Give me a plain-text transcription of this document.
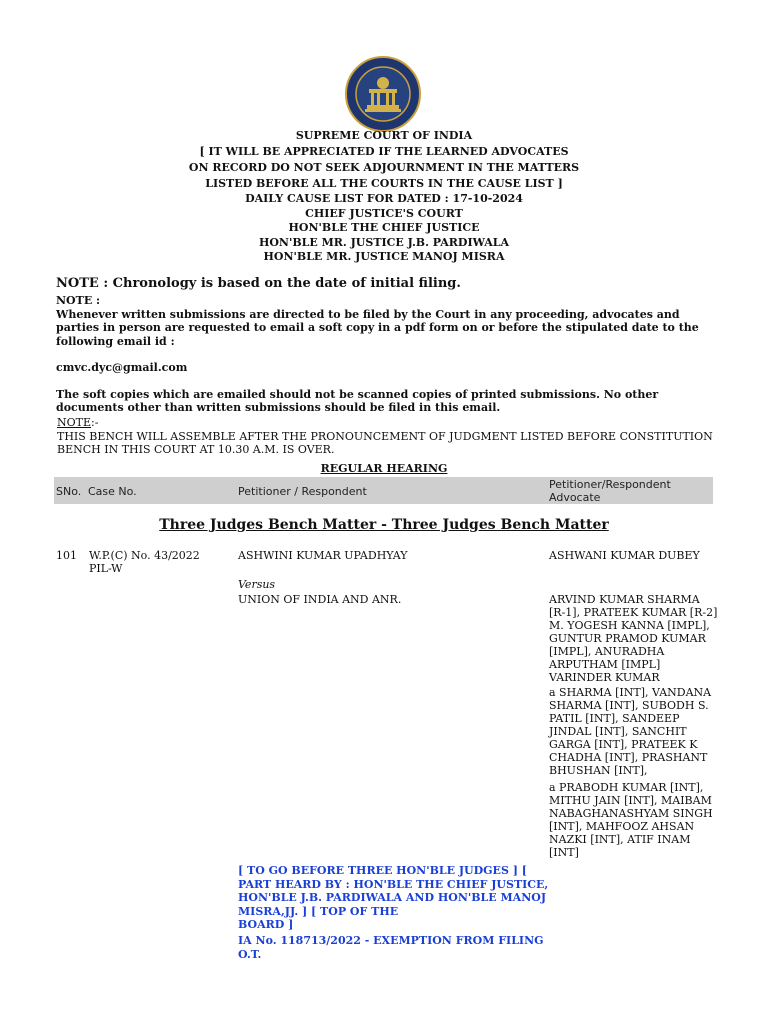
SUPREME COURT OF INDIA
[ IT WILL BE APPRECIATED IF THE LEARNED ADVOCATES
ON RECORD DO NOT SEEK ADJOURNMENT IN THE MATTERS
LISTED BEFORE ALL THE COURTS IN THE CAUSE LIST ]
DAILY CAUSE LIST FOR DATED : 17-10-2024
CHIEF JUSTICE'S COURT
HON'BLE THE CHIEF JUSTICE
HON'BLE MR. JUSTICE J.B. PARDIWALA
HON'BLE MR. JUSTICE MANOJ MISRA
NOTE : Chronology is based on the date of initial filing.

NOTE :

Whenever written submissions are directed to be filed by the Court in any proceeding, advocates and parties in person are requested to email a soft copy in a pdf form on or before the stipulated date to the following email id :

cmvc.dyc@gmail.com

The soft copies which are emailed should not be scanned copies of printed submissions. No other documents other than written submissions should be filed in this email.

NOTE:-
THIS BENCH WILL ASSEMBLE AFTER THE PRONOUNCEMENT OF JUDGMENT LISTED BEFORE CONSTITUTION BENCH IN THIS COURT AT 10.30 A.M. IS OVER.
REGULAR HEARING
SNo. Case No.	Petitioner / Respondent
Petitioner/Respondent
Advocate
Three Judges Bench Matter - Three Judges Bench Matter
101 W.P.(C) No. 43/2022
PIL-W
ASHWINI KUMAR UPADHYAY
Versus
UNION OF INDIA AND ANR.
ASHWANI KUMAR DUBEY
ARVIND KUMAR SHARMA
[R-1], PRATEEK KUMAR [R-2]
M. YOGESH KANNA [IMPL],
GUNTUR PRAMOD KUMAR
[IMPL], ANURADHA
ARPUTHAM [IMPL]
VARINDER KUMAR
a SHARMA [INT], VANDANA
SHARMA [INT], SUBODH S.
PATIL [INT], SANDEEP
JINDAL [INT], SANCHIT
GARGA [INT], PRATEEK K
CHADHA [INT], PRASHANT
BHUSHAN [INT],
a PRABODH KUMAR [INT],
MITHU JAIN [INT], MAIBAM
NABAGHANASHYAM SINGH
[INT], MAHFOOZ AHSAN
NAZKI [INT], ATIF INAM
[INT]
[ TO GO BEFORE THREE HON'BLE JUDGES ] [
PART HEARD BY : HON'BLE THE CHIEF JUSTICE,
HON'BLE J.B. PARDIWALA AND HON'BLE MANOJ
MISRA,JJ. ] [ TOP OF THE
BOARD ]
IA No. 118713/2022 - EXEMPTION FROM FILING
O.T.
